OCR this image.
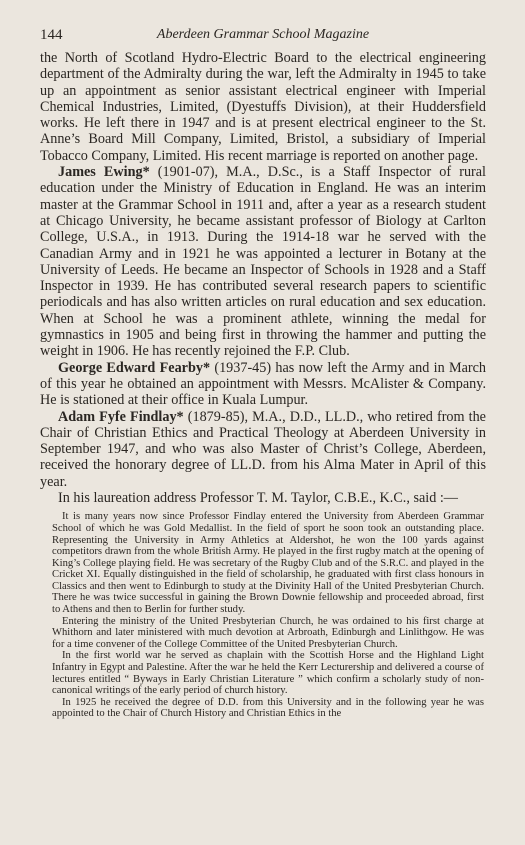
144	Aberdeen Grammar School Magazine

the North of Scotland Hydro-Electric Board to the electrical engineering department of the Admiralty during the war, left the Admiralty in 1945 to take up an appointment as senior assistant electrical engineer with Imperial Chemical Industries, Limited, (Dyestuffs Division), at their Huddersfield works. He left there in 1947 and is at present electrical engineer to the St. Anne’s Board Mill Company, Limited, Bristol, a subsidiary of Imperial Tobacco Company, Limited. His recent marriage is reported on another page.

James Ewing* (1901-07), M.A., D.Sc., is a Staff Inspector of rural education under the Ministry of Education in England. He was an interim master at the Grammar School in 1911 and, after a year as a research student at Chicago University, he became assistant professor of Biology at Carlton College, U.S.A., in 1913. During the 1914-18 war he served with the Canadian Army and in 1921 he was appointed a lecturer in Botany at the University of Leeds. He became an Inspector of Schools in 1928 and a Staff Inspector in 1939. He has contributed several research papers to scientific periodicals and has also written articles on rural education and sex education. When at School he was a prominent athlete, winning the medal for gymnastics in 1905 and being first in throwing the hammer and putting the weight in 1906. He has recently rejoined the F.P. Club.

George Edward Fearby* (1937-45) has now left the Army and in March of this year he obtained an appointment with Messrs. McAlister & Company. He is stationed at their office in Kuala Lumpur.

Adam Fyfe Findlay* (1879-85), M.A., D.D., LL.D., who retired from the Chair of Christian Ethics and Practical Theology at Aberdeen University in September 1947, and who was also Master of Christ’s College, Aberdeen, received the honorary degree of LL.D. from his Alma Mater in April of this year.

In his laureation address Professor T. M. Taylor, C.B.E., K.C., said :—

It is many years now since Professor Findlay entered the University from Aberdeen Grammar School of which he was Gold Medallist. In the field of sport he soon took an outstanding place. Representing the University in Army Athletics at Aldershot, he won the 100 yards against competitors drawn from the whole British Army. He played in the first rugby match at the opening of King’s College playing field. He was secretary of the Rugby Club and of the S.R.C. and played in the Cricket XI. Equally distinguished in the field of scholarship, he graduated with first class honours in Classics and then went to Edinburgh to study at the Divinity Hall of the United Presbyterian Church. There he was twice successful in gaining the Brown Downie fellowship and proceeded abroad, first to Athens and then to Berlin for further study.

Entering the ministry of the United Presbyterian Church, he was ordained to his first charge at Whithorn and later ministered with much devotion at Arbroath, Edinburgh and Linlithgow. He was for a time convener of the College Committee of the United Presbyterian Church.

In the first world war he served as chaplain with the Scottish Horse and the Highland Light Infantry in Egypt and Palestine. After the war he held the Kerr Lecturership and delivered a course of lectures entitled “ Byways in Early Christian Literature ” which confirm a scholarly study of non-canonical writings of the early period of church history.

In 1925 he received the degree of D.D. from this University and in the following year he was appointed to the Chair of Church History and Christian Ethics in the
